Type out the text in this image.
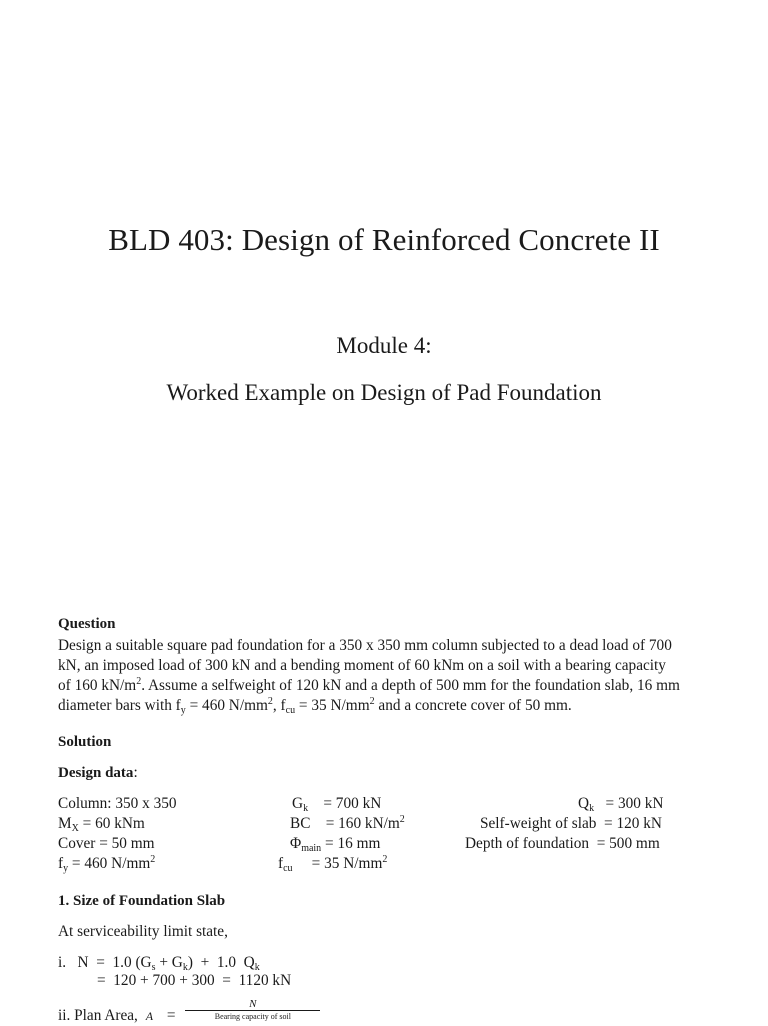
BLD 403: Design of Reinforced Concrete II
Module 4:
Worked Example on Design of Pad Foundation
Question
Design a suitable square pad foundation for a 350 x 350 mm column subjected to a dead load of 700
kN, an imposed load of 300 kN and a bending moment of 60 kNm on a soil with a bearing capacity
of 160 $kN/m^2$. Assume a selfweight of 120 kN and a depth of 500 mm for the foundation slab, 16 mm
diameter bars with $f_y = 460$ $N/mm^2$, $f_{cu} = 35$ $N/mm^2$ and a concrete cover of 50 mm.
Solution
Design data:
Column: 350 x 350
$M_X = 60$ kNm
Cover = 50 mm
$f_y = 460$ $N/mm^2$
$G_k$    = 700 kN
BC    = 160 $kN/m^2$
$\Phi_{main} = 16$ mm
$f_{cu}$     = 35 $N/mm^2$
$Q_k = 300$ kN
Self-weight of slab  = 120 kN
Depth of foundation  = 500 mm
1. Size of Foundation Slab
At serviceability limit state,
i.   N  =  1.0 $(G_s + G_k) + 1.0$  $Q_k$
=  120 + 700 + 300  =  1120 kN
ii. Plan Area, $A = \frac{N}{\text{Bearing capacity of soil}}$
